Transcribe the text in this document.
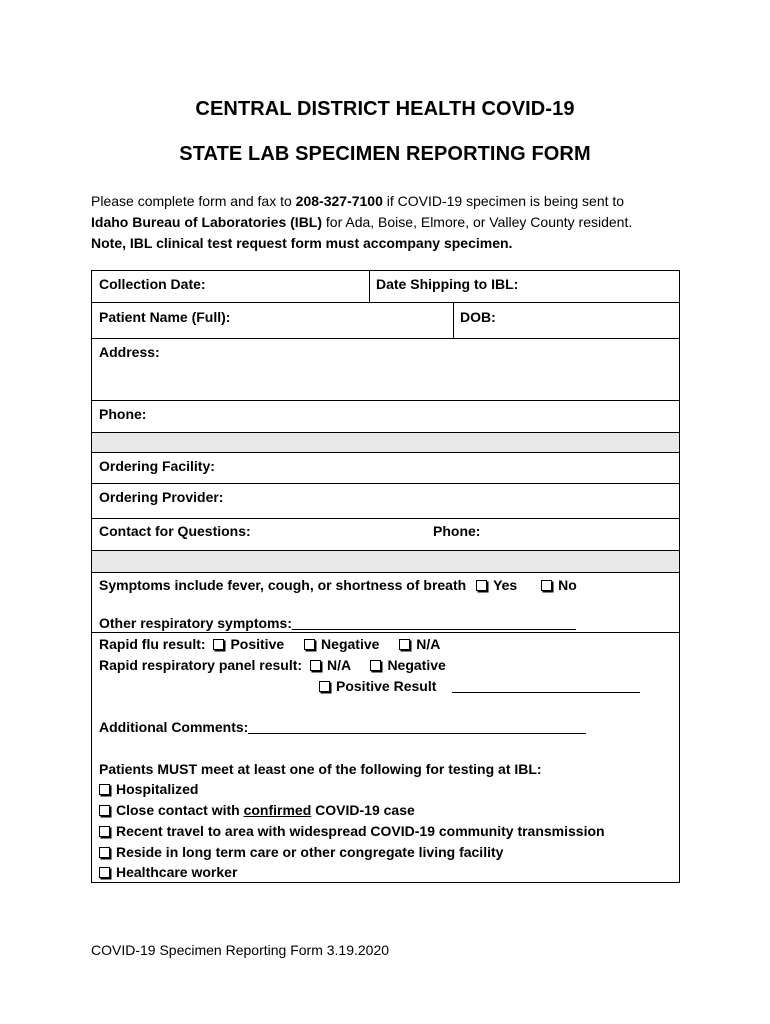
CENTRAL DISTRICT HEALTH COVID-19
STATE LAB SPECIMEN REPORTING FORM
Please complete form and fax to 208-327-7100 if COVID-19 specimen is being sent to
Idaho Bureau of Laboratories (IBL) for Ada, Boise, Elmore, or Valley County resident.
Note, IBL clinical test request form must accompany specimen.
Collection Date:	Date Shipping to IBL:
Patient Name (Full):	DOB:
Address:
Phone:
Ordering Facility:
Ordering Provider:
Contact for Questions:	Phone:
Symptoms include fever, cough, or shortness of breath Yes	No
Other respiratory symptoms:
Rapid flu result: Positive	Negative	N/A
Rapid respiratory panel result: N/A	Negative
Positive Result
Additional Comments:
Patients MUST meet at least one of the following for testing at IBL:
Hospitalized
Close contact with confirmed COVID-19 case
Recent travel to area with widespread COVID-19 community transmission
Reside in long term care or other congregate living facility
Healthcare worker
COVID-19 Specimen Reporting Form 3.19.2020
